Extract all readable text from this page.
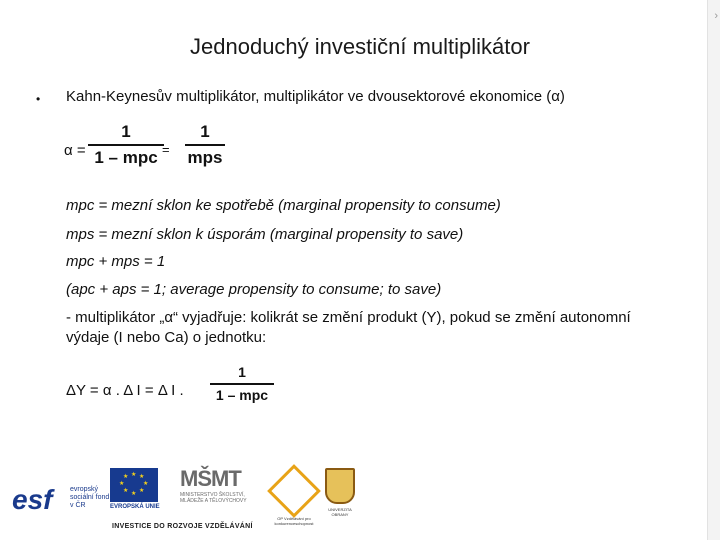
Jednoduchý investiční multiplikátor
• Kahn-Keynesův multiplikátor, multiplikátor ve dvousektorové ekonomice (α)
α =
1
1 – mpc =
1
mps
mpc = mezní sklon ke spotřebě (marginal propensity to consume)
mps = mezní sklon k úsporám (marginal propensity to save)
mpc + mps = 1
(apc + aps = 1; average propensity to consume; to save)
- multiplikátor „α“ vyjadřuje: kolikrát se změní produkt (Y), pokud se změní autonomní výdaje (I nebo Ca) o jednotku:
ΔY = α . Δ I = Δ I .
1
1 – mpc
›
esf	evropský sociální fond v ČR
★ ★
★
★
★
★
★
★
EVROPSKÁ UNIE
MŠMT
MINISTERSTVO ŠKOLSTVÍ, MLÁDEŽE A TĚLOVÝCHOVY
OP Vzdělávání pro konkurenceschopnost
UNIVERZITA OBRANY
INVESTICE DO ROZVOJE VZDĚLÁVÁNÍ
